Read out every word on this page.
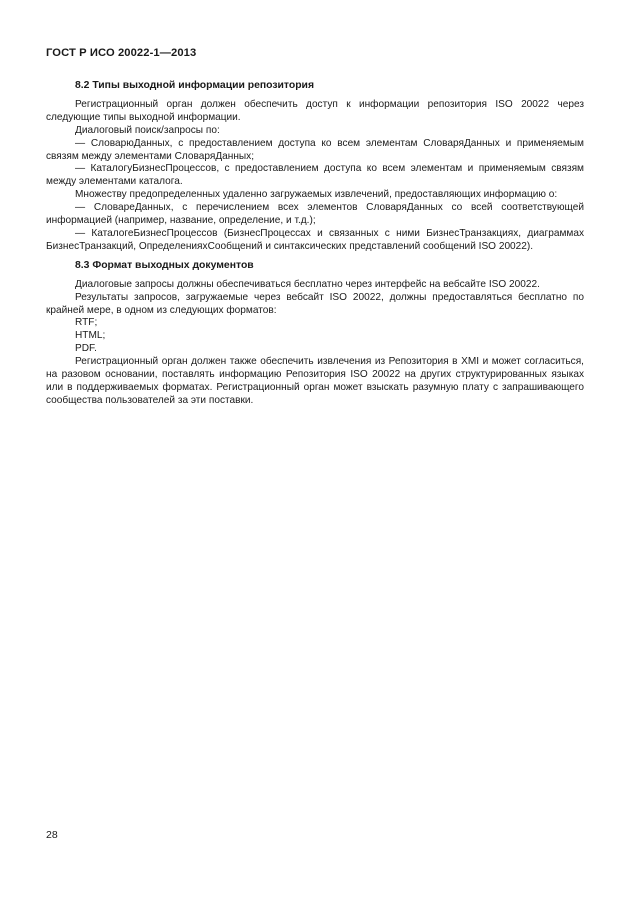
ГОСТ Р ИСО 20022-1—2013
8.2 Типы выходной информации репозитория

Регистрационный орган должен обеспечить доступ к информации репозитория ISO 20022 через следующие типы выходной информации.

Диалоговый поиск/запросы по:

— СловарюДанных, с предоставлением доступа ко всем элементам СловаряДанных и применяемым связям между элементами СловаряДанных;

— КаталогуБизнесПроцессов, с предоставлением доступа ко всем элементам и применяемым связям между элементами каталога.

Множеству предопределенных удаленно загружаемых извлечений, предоставляющих информацию о:

— СловареДанных, с перечислением всех элементов СловаряДанных со всей соответствующей информацией (например, название, определение, и т.д.);

— КаталогеБизнесПроцессов (БизнесПроцессах и связанных с ними БизнесТранзакциях, диаграммах БизнесТранзакций, ОпределенияхСообщений и синтаксических представлений сообщений ISO 20022).

8.3 Формат выходных документов

Диалоговые запросы должны обеспечиваться бесплатно через интерфейс на вебсайте ISO 20022.

Результаты запросов, загружаемые через вебсайт ISO 20022, должны предоставляться бесплатно по крайней мере, в одном из следующих форматов:

RTF;

HTML;

PDF.

Регистрационный орган должен также обеспечить извлечения из Репозитория в XMI и может согласиться, на разовом основании, поставлять информацию Репозитория ISO 20022 на других структурированных языках или в поддерживаемых форматах. Регистрационный орган может взыскать разумную плату с запрашивающего сообщества пользователей за эти поставки.

28
